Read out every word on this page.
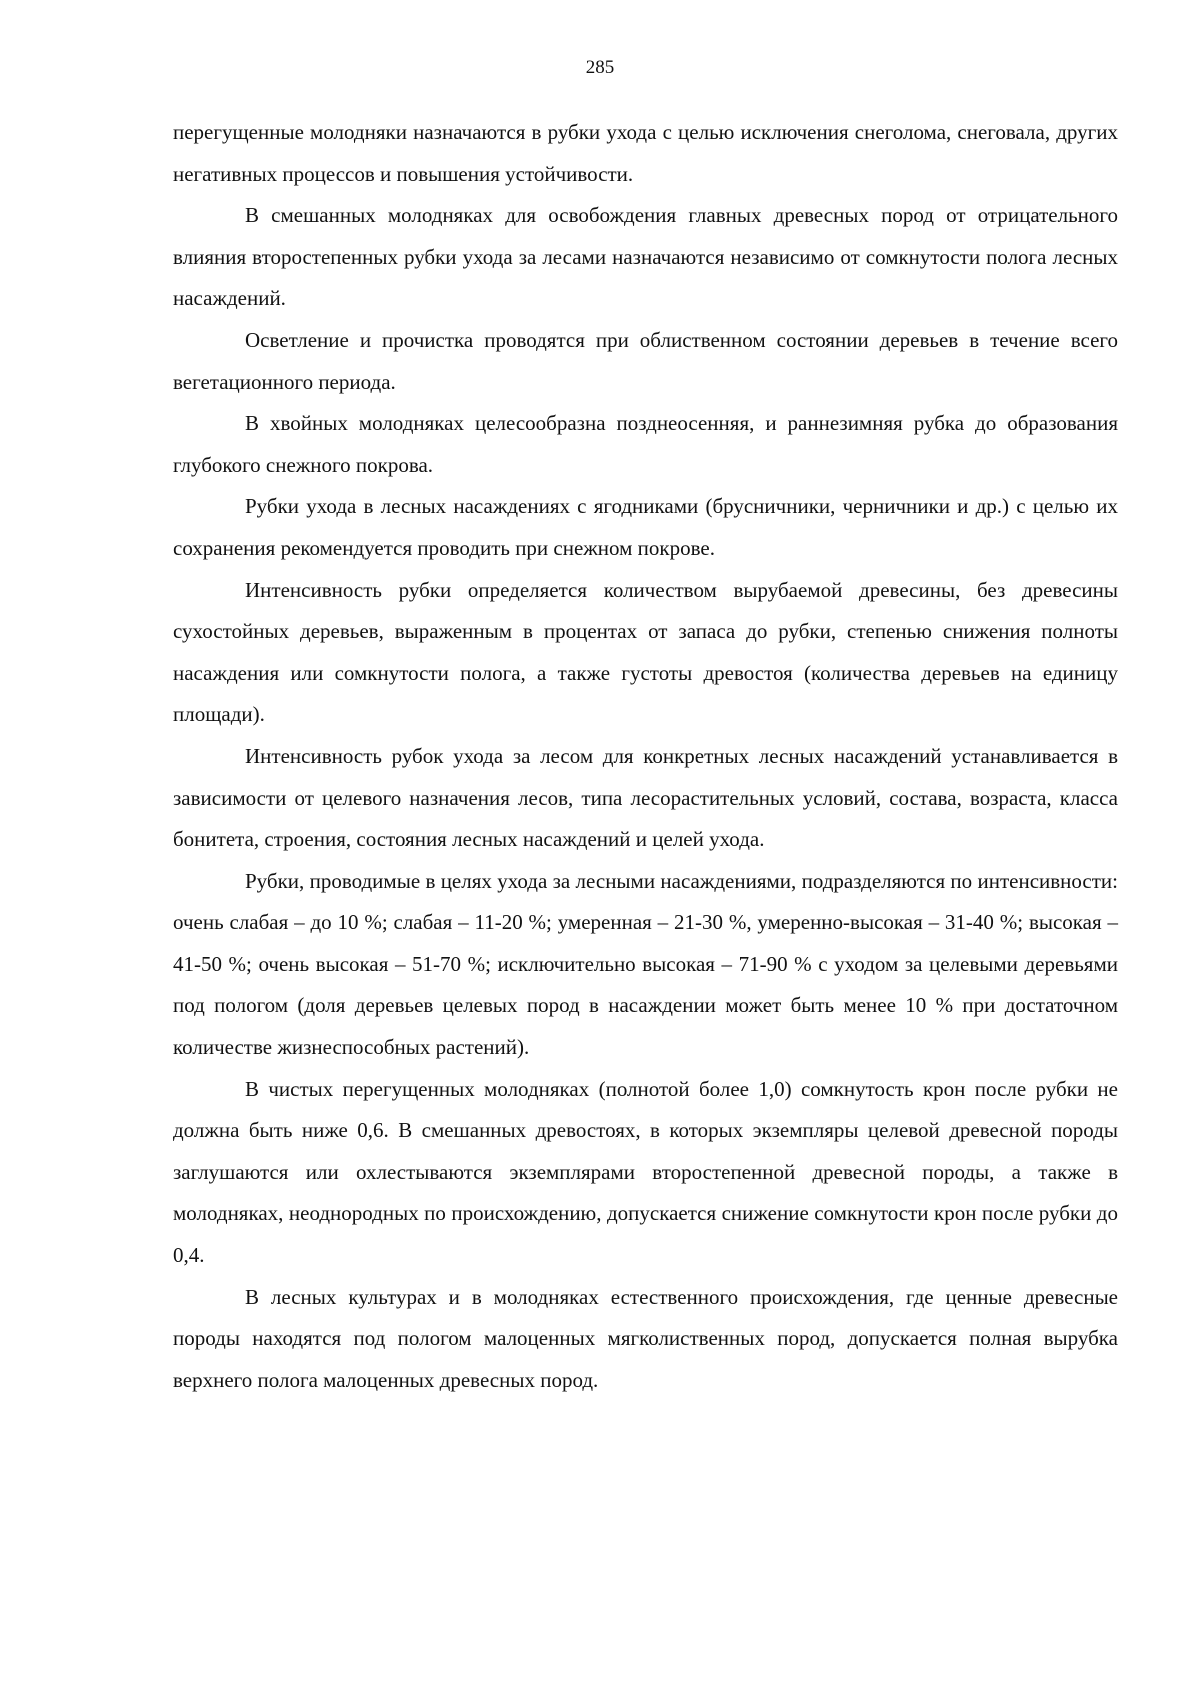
285

перегущенные молодняки назначаются в рубки ухода с целью исключения снеголома, снеговала, других негативных процессов и повышения устойчивости.

В смешанных молодняках для освобождения главных древесных пород от отрицательного влияния второстепенных рубки ухода за лесами назначаются независимо от сомкнутости полога лесных насаждений.

Осветление и прочистка проводятся при облиственном состоянии деревьев в течение всего вегетационного периода.

В хвойных молодняках целесообразна позднеосенняя, и раннезимняя рубка до образования глубокого снежного покрова.

Рубки ухода в лесных насаждениях с ягодниками (брусничники, черничники и др.) с целью их сохранения рекомендуется проводить при снежном покрове.

Интенсивность рубки определяется количеством вырубаемой древесины, без древесины сухостойных деревьев, выраженным в процентах от запаса до рубки, степенью снижения полноты насаждения или сомкнутости полога, а также густоты древостоя (количества деревьев на единицу площади).

Интенсивность рубок ухода за лесом для конкретных лесных насаждений устанавливается в зависимости от целевого назначения лесов, типа лесорастительных условий, состава, возраста, класса бонитета, строения, состояния лесных насаждений и целей ухода.

Рубки, проводимые в целях ухода за лесными насаждениями, подразделяются по интенсивности: очень слабая – до 10 %; слабая – 11-20 %; умеренная – 21-30 %, умеренно-высокая – 31-40 %; высокая – 41-50 %; очень высокая – 51-70 %; исключительно высокая – 71-90 % с уходом за целевыми деревьями под пологом (доля деревьев целевых пород в насаждении может быть менее 10 % при достаточном количестве жизнеспособных растений).

В чистых перегущенных молодняках (полнотой более 1,0) сомкнутость крон после рубки не должна быть ниже 0,6. В смешанных древостоях, в которых экземпляры целевой древесной породы заглушаются или охлестываются экземплярами второстепенной древесной породы, а также в молодняках, неоднородных по происхождению, допускается снижение сомкнутости крон после рубки до 0,4.

В лесных культурах и в молодняках естественного происхождения, где ценные древесные породы находятся под пологом малоценных мягколиственных пород, допускается полная вырубка верхнего полога малоценных древесных пород.
